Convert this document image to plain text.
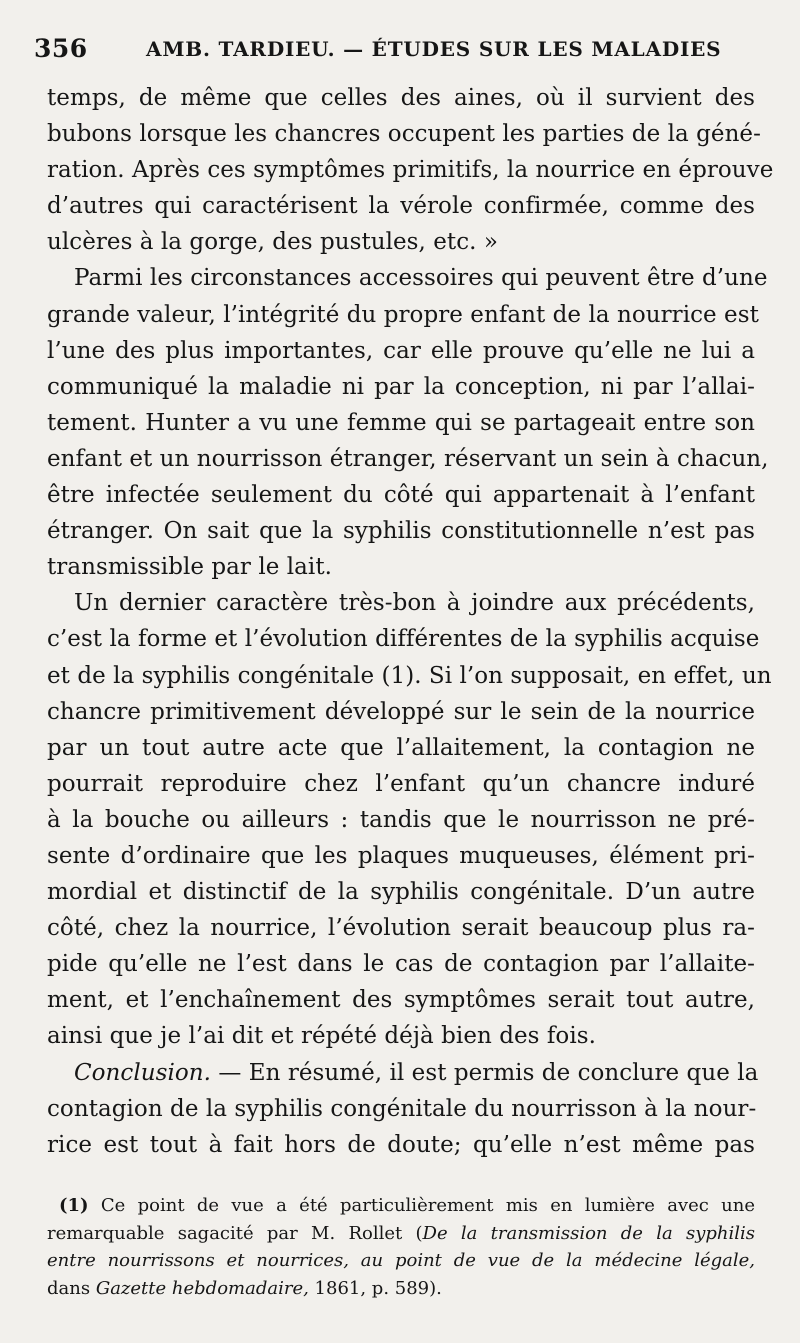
356	AMB. TARDIEU. — ÉTUDES SUR LES MALADIES
temps, de même que celles des aines, où il survient des
bubons lorsque les chancres occupent les parties de la géné-
ration. Après ces symptômes primitifs, la nourrice en éprouve
d’autres qui caractérisent la vérole confirmée, comme des
ulcères à la gorge, des pustules, etc. »
Parmi les circonstances accessoires qui peuvent être d’une
grande valeur, l’intégrité du propre enfant de la nourrice est
l’une des plus importantes, car elle prouve qu’elle ne lui a
communiqué la maladie ni par la conception, ni par l’allai-
tement. Hunter a vu une femme qui se partageait entre son
enfant et un nourrisson étranger, réservant un sein à chacun,
être infectée seulement du côté qui appartenait à l’enfant
étranger. On sait que la syphilis constitutionnelle n’est pas
transmissible par le lait.
Un dernier caractère très-bon à joindre aux précédents,
c’est la forme et l’évolution différentes de la syphilis acquise
et de la syphilis congénitale (1). Si l’on supposait, en effet, un
chancre primitivement développé sur le sein de la nourrice
par un tout autre acte que l’allaitement, la contagion ne
pourrait reproduire chez l’enfant qu’un chancre induré
à la bouche ou ailleurs : tandis que le nourrisson ne pré-
sente d’ordinaire que les plaques muqueuses, élément pri-
mordial et distinctif de la syphilis congénitale. D’un autre
côté, chez la nourrice, l’évolution serait beaucoup plus ra-
pide qu’elle ne l’est dans le cas de contagion par l’allaite-
ment, et l’enchaînement des symptômes serait tout autre,
ainsi que je l’ai dit et répété déjà bien des fois.
Conclusion. — En résumé, il est permis de conclure que la
contagion de la syphilis congénitale du nourrisson à la nour-
rice est tout à fait hors de doute; qu’elle n’est même pas
(1) Ce point de vue a été particulièrement mis en lumière avec une
remarquable sagacité par M. Rollet (De la transmission de la syphilis
entre nourrissons et nourrices, au point de vue de la médecine légale,
dans Gazette hebdomadaire, 1861, p. 589).
